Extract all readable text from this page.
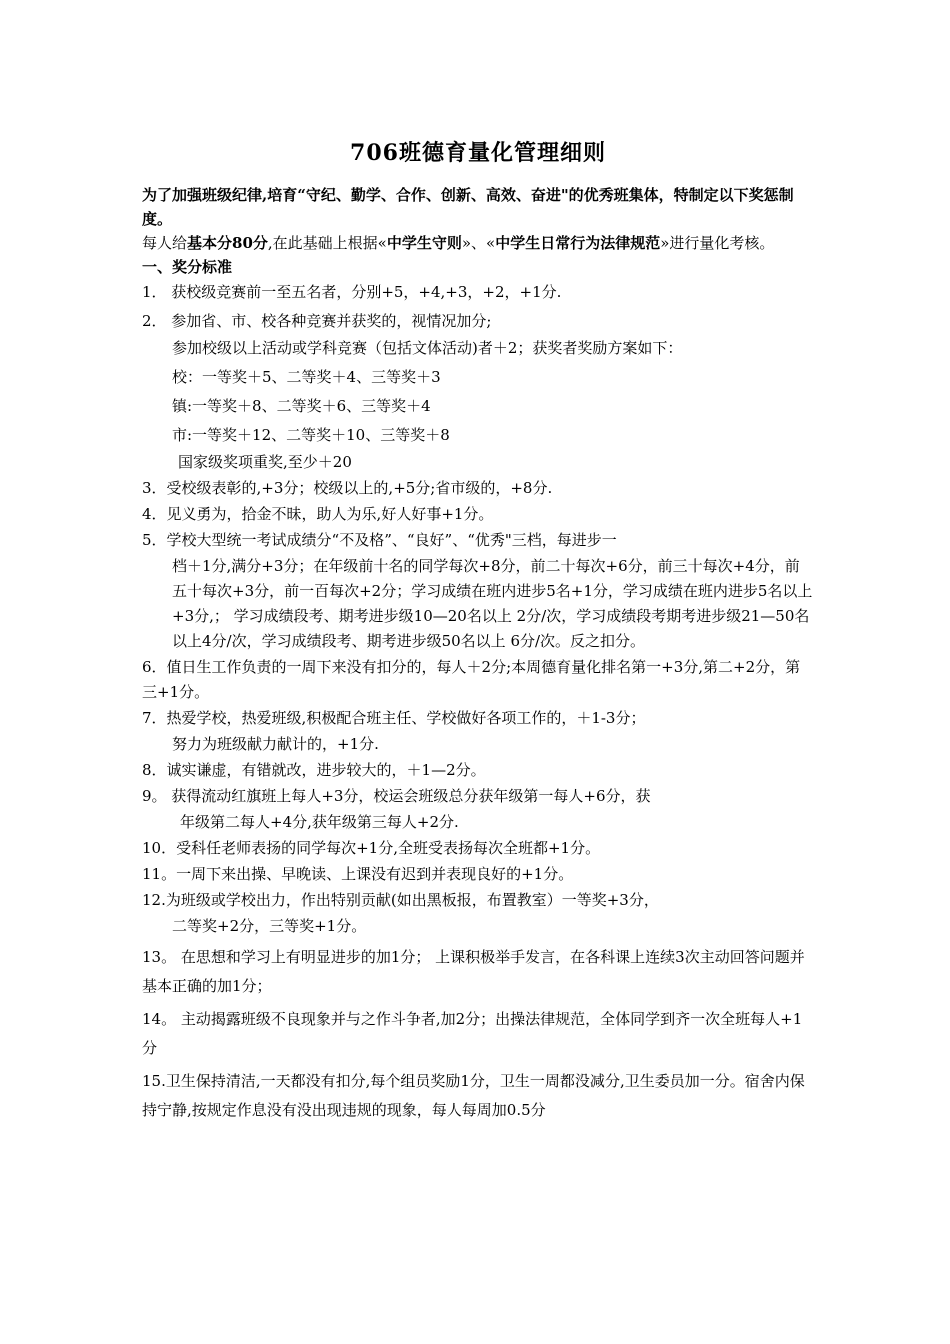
706班德育量化管理细则
为了加强班级纪律,培育“守纪、勤学、合作、创新、高效、奋进"的优秀班集体，特制定以下奖惩制度。
每人给基本分80分,在此基础上根据«中学生守则»、«中学生日常行为法律规范»进行量化考核。
一、奖分标准
1． 获校级竞赛前一至五名者，分别+5，+4,+3，+2，+1分.
2． 参加省、市、校各种竞赛并获奖的，视情况加分;
参加校级以上活动或学科竞赛（包括文体活动)者＋2；获奖者奖励方案如下：
校：一等奖＋5、二等奖＋4、三等奖＋3
镇:一等奖＋8、二等奖＋6、三等奖＋4
市:一等奖＋12、二等奖＋10、三等奖＋8
国家级奖项重奖,至少＋20
3．受校级表彰的,+3分；校级以上的,+5分;省市级的，+8分.
4．见义勇为，拾金不昧，助人为乐,好人好事+1分。
5．学校大型统一考试成绩分“不及格”、“良好”、“优秀"三档，每进步一
档＋1分,满分+3分；在年级前十名的同学每次+8分，前二十每次+6分，前三十每次+4分，前五十每次+3分，前一百每次+2分；学习成绩在班内进步5名+1分，学习成绩在班内进步5名以上+3分,； 学习成绩段考、期考进步级10—20名以上 2分/次，学习成绩段考期考进步级21—50名以上4分/次，学习成绩段考、期考进步级50名以上 6分/次。反之扣分。
6．值日生工作负责的一周下来没有扣分的，每人＋2分;本周德育量化排名第一+3分,第二+2分，第三+1分。
7．热爱学校，热爱班级,积极配合班主任、学校做好各项工作的，＋1-3分；
努力为班级献力献计的，+1分.
8．诚实谦虚，有错就改，进步较大的，＋1—2分。
9。 获得流动红旗班上每人+3分，校运会班级总分获年级第一每人+6分，获
年级第二每人+4分,获年级第三每人+2分.
10．受科任老师表扬的同学每次+1分,全班受表扬每次全班都+1分。
11。一周下来出操、早晚读、上课没有迟到并表现良好的+1分。
12.为班级或学校出力，作出特别贡献(如出黑板报，布置教室）一等奖+3分，
二等奖+2分，三等奖+1分。
13。 在思想和学习上有明显进步的加1分； 上课积极举手发言，在各科课上连续3次主动回答问题并基本正确的加1分；
14。 主动揭露班级不良现象并与之作斗争者,加2分；出操法律规范，全体同学到齐一次全班每人+1分
15.卫生保持清洁,一天都没有扣分,每个组员奖励1分，卫生一周都没减分,卫生委员加一分。宿舍内保持宁静,按规定作息没有没出现违规的现象，每人每周加0.5分
